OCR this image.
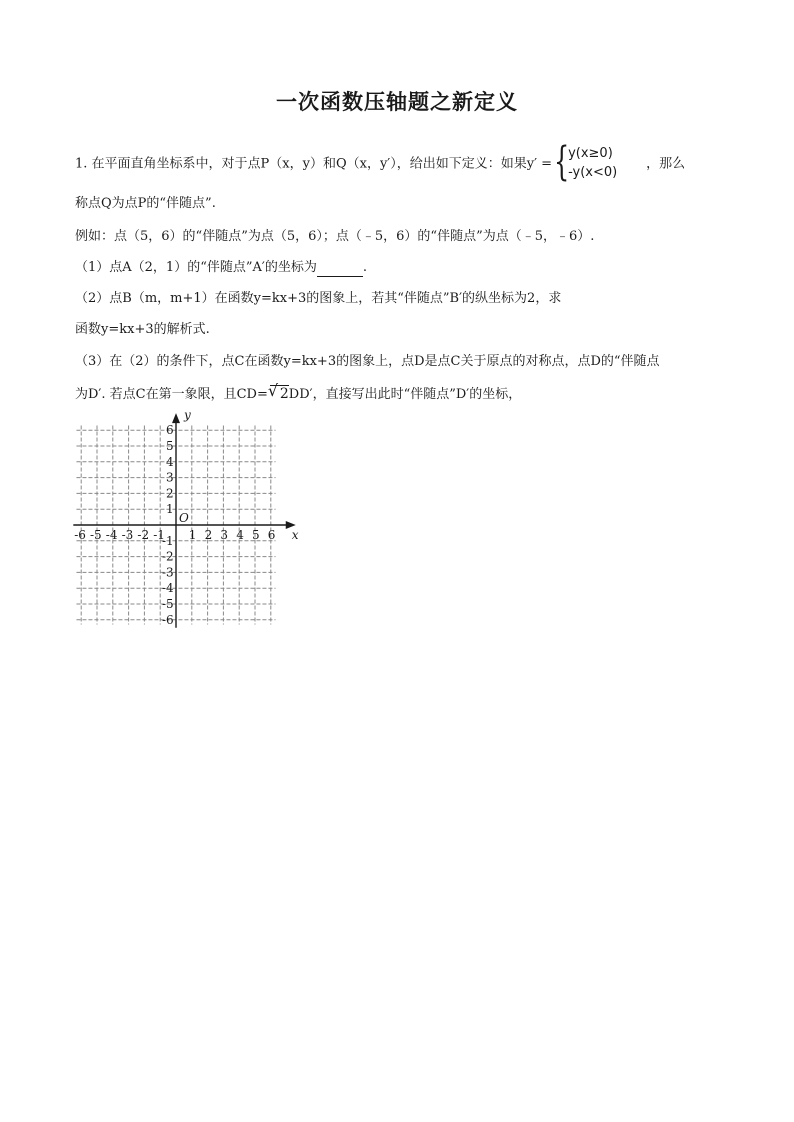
一次函数压轴题之新定义
1. 在平面直角坐标系中，对于点P（x，y）和Q（x，y′），给出如下定义：如果y′ = {
y(x≥0)
-y(x<0)
，那么
称点Q为点P的“伴随点”.
例如：点（5，6）的“伴随点”为点（5，6）；点（﹣5，6）的“伴随点”为点（﹣5，﹣6）.
（1）点A（2，1）的“伴随点”A′的坐标为	.
（2）点B（m，m+1）在函数y=kx+3的图象上，若其“伴随点”B′的纵坐标为2，求
函数y=kx+3的解析式.
（3）在（2）的条件下，点C在函数y=kx+3的图象上，点D是点C关于原点的对称点，点D的“伴随点
为D′. 若点C在第一象限，且CD=√ 2DD′，直接写出此时“伴随点”D′的坐标，
-6 -5 -4 -3 -2 -1 1 2 3 4 5 6
6
5
4
3
2
1
-1
-2
-3
-4
-5
-6
x
y
O
